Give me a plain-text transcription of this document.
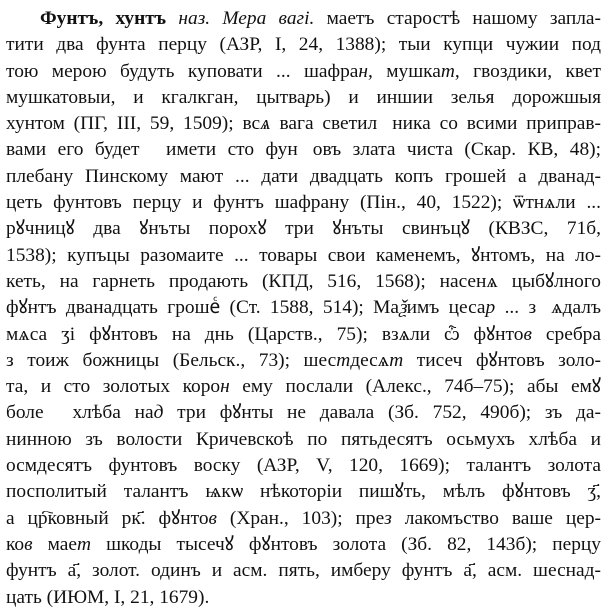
Фунтъ, хунтъ наз. Мера вагі. маетъ старостѣ нашому запла-
тити два фунта перцу (АЗР, І, 24, 1388); тыи купци чужии под
тою мерою будуть куповати ... шафран, мушкат, гвоздики, квет
мушкатовыи, и кгалкган, цытварь) и иншии зелья дорожшыя
хунтом (ПГ, III, 59, 1509); всѧ вага светилⷭника со всими приправ-
вами его будетⷭ имети сто фунⷮовъ злата чиста (Скар. КВ, 48);
плебану Пинскому мают ... дати двадцать копъ грошей а дванад-
цеть фунтовъ перцу и фунтъ шафрану (Пін., 40, 1522); ѿтнѧли ...
рꙋчницꙋ два ꙋнъты порохꙋ три ꙋнъты свинъцꙋ (КВЗС, 71б,
1538); купъцы разомаите ... товары свои каменемъ, ꙋнтомъ, на ло-
кеть, на гарнеть продають (КПД, 516, 1568); насенѧ цыбꙋлного
фꙋнтъ дванадцать грошеⷭ (Ст. 1588, 514); Маѯимъ цесар ... зⷭѧдалъ
мѧса ӡі фꙋнтовъ на днь (Царств., 75); взѧли ѽ фꙋнтов сребра
з тоиж божницы (Бельск., 73); шестдесѧт тисеч фꙋнтовъ золо-
та, и сто золотых корон ему послали (Алекс., 74б–75); абы емꙋ
болеⷭ хлѣба над три фꙋнты не давала (Зб. 752, 490б); зъ да-
нинною зъ волости Кричевскоѣ по пятьдесятъ осьмухъ хлѣба и
осмдесятъ фунтовъ воску (АЗР, V, 120, 1669); талантъ золота
посполитый талантъ ѩкѡ нѣкоторіи пишꙋть, мѣлъ фꙋнтовъ ӡ҃,
а цр҇ковный рк҃. фꙋнтов (Хран., 103); през лакомъство ваше цер-
ков мает шкоды тысечꙋ фꙋнтовъ золота (Зб. 82, 143б); перцу
фунтъ а҃, золот. одинъ и асм. пять, имберу фунтъ а҃, асм. шеснад-
цать (ИЮМ, І, 21, 1679).
